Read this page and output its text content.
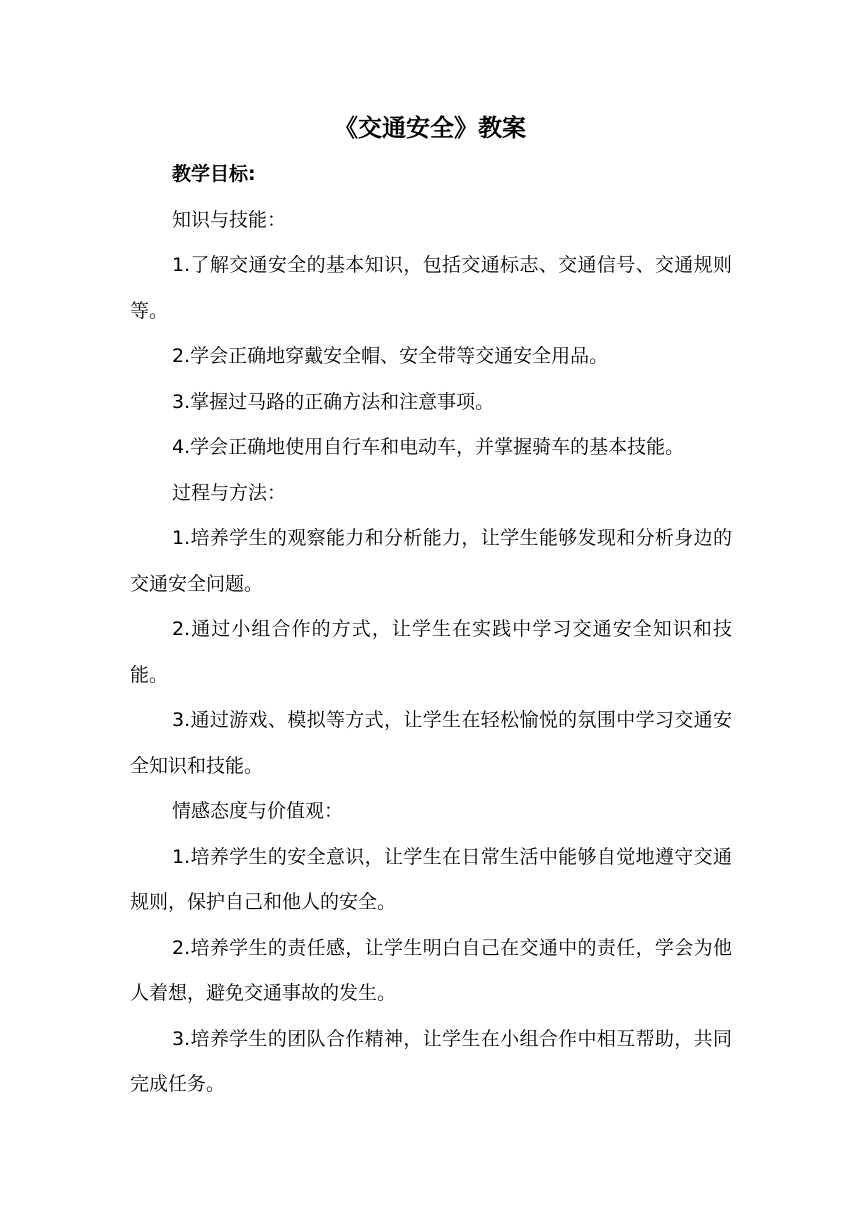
《交通安全》教案

教学目标:

知识与技能：

1.了解交通安全的基本知识，包括交通标志、交通信号、交通规则等。

2.学会正确地穿戴安全帽、安全带等交通安全用品。

3.掌握过马路的正确方法和注意事项。

4.学会正确地使用自行车和电动车，并掌握骑车的基本技能。

过程与方法：

1.培养学生的观察能力和分析能力，让学生能够发现和分析身边的交通安全问题。

2.通过小组合作的方式，让学生在实践中学习交通安全知识和技能。

3.通过游戏、模拟等方式，让学生在轻松愉悦的氛围中学习交通安全知识和技能。

情感态度与价值观：

1.培养学生的安全意识，让学生在日常生活中能够自觉地遵守交通规则，保护自己和他人的安全。

2.培养学生的责任感，让学生明白自己在交通中的责任，学会为他人着想，避免交通事故的发生。

3.培养学生的团队合作精神，让学生在小组合作中相互帮助，共同完成任务。
